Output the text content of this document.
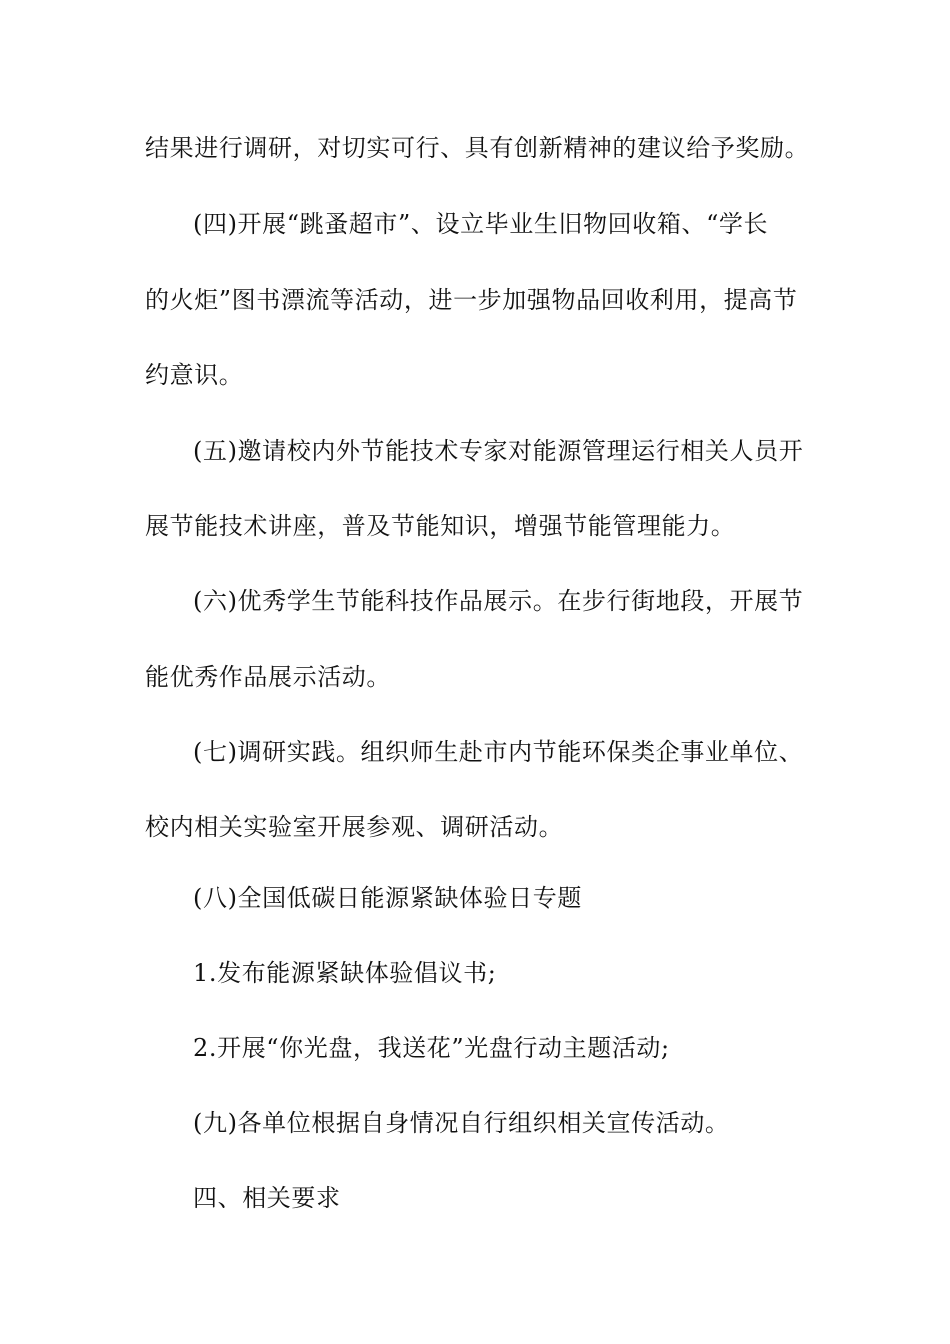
结果进行调研，对切实可行、具有创新精神的建议给予奖励。

(四)开展“跳蚤超市”、设立毕业生旧物回收箱、“学长

的火炬”图书漂流等活动，进一步加强物品回收利用，提高节

约意识。

(五)邀请校内外节能技术专家对能源管理运行相关人员开

展节能技术讲座，普及节能知识，增强节能管理能力。

(六)优秀学生节能科技作品展示。在步行街地段，开展节

能优秀作品展示活动。

(七)调研实践。组织师生赴市内节能环保类企事业单位、

校内相关实验室开展参观、调研活动。

(八)全国低碳日能源紧缺体验日专题

1.发布能源紧缺体验倡议书;

2.开展“你光盘，我送花”光盘行动主题活动;

(九)各单位根据自身情况自行组织相关宣传活动。

四、相关要求
